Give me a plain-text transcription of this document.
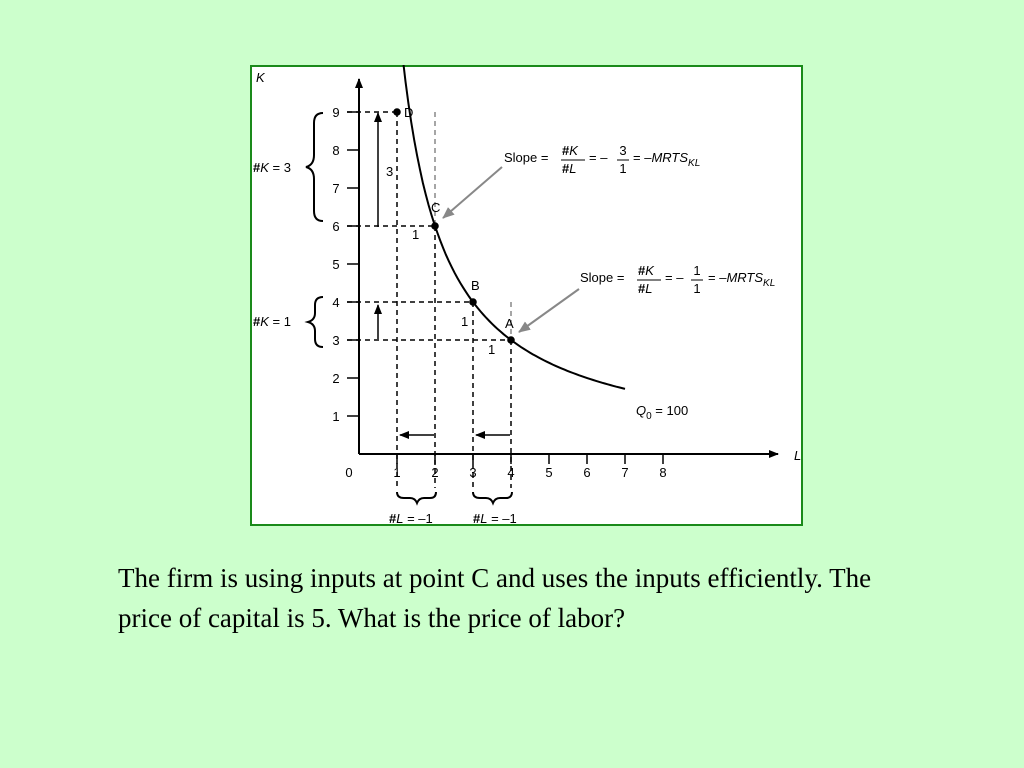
K
L
1
2
3
4
5
6
7
8
9
0	1 2 3 4 5 6 7 8
3
1
1
1
D
C
B
A
$Q_0 = 100$
#K = 3
#K = 1
#L = –1	#L = –1
Slope = #K
#L
= – 3
1
= $-MRTS_{KL}$
Slope = #K
#L
= – 1
1
= $-MRTS_{KL}$
The firm is using inputs at point C and uses the inputs efficiently. The price of capital is 5. What is the price of labor?
